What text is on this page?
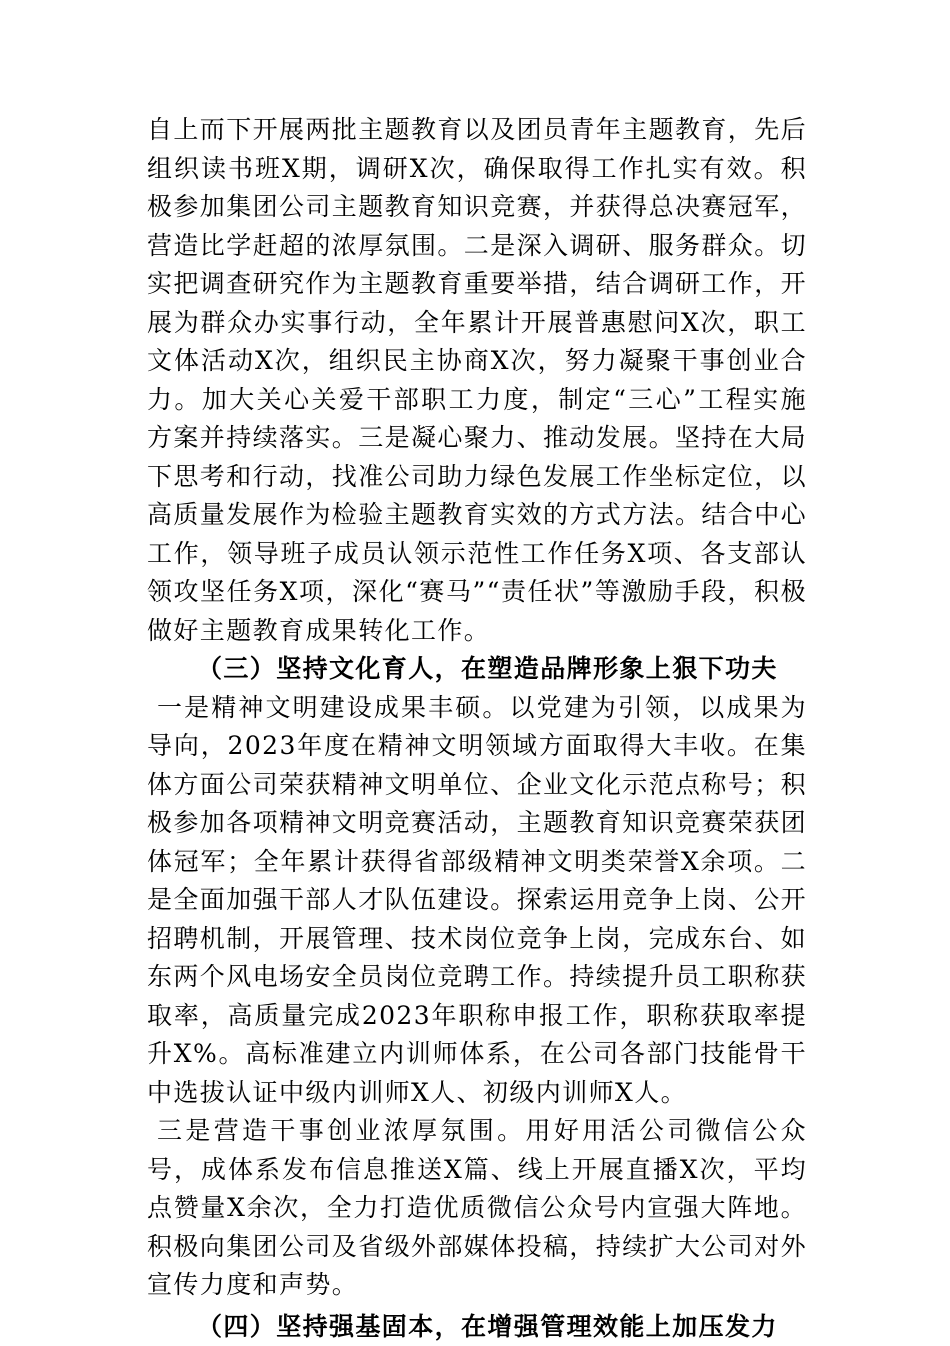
自上而下开展两批主题教育以及团员青年主题教育，先后组织读书班X期，调研X次，确保取得工作扎实有效。积极参加集团公司主题教育知识竞赛，并获得总决赛冠军，营造比学赶超的浓厚氛围。二是深入调研、服务群众。切实把调查研究作为主题教育重要举措，结合调研工作，开展为群众办实事行动，全年累计开展普惠慰问X次，职工文体活动X次，组织民主协商X次，努力凝聚干事创业合力。加大关心关爱干部职工力度，制定“三心”工程实施方案并持续落实。三是凝心聚力、推动发展。坚持在大局下思考和行动，找准公司助力绿色发展工作坐标定位，以高质量发展作为检验主题教育实效的方式方法。结合中心工作，领导班子成员认领示范性工作任务X项、各支部认领攻坚任务X项，深化“赛马”“责任状”等激励手段，积极做好主题教育成果转化工作。

（三）坚持文化育人，在塑造品牌形象上狠下功夫

一是精神文明建设成果丰硕。以党建为引领，以成果为导向，2023年度在精神文明领域方面取得大丰收。在集体方面公司荣获精神文明单位、企业文化示范点称号；积极参加各项精神文明竞赛活动，主题教育知识竞赛荣获团体冠军；全年累计获得省部级精神文明类荣誉X余项。二是全面加强干部人才队伍建设。探索运用竞争上岗、公开招聘机制，开展管理、技术岗位竞争上岗，完成东台、如东两个风电场安全员岗位竞聘工作。持续提升员工职称获取率，高质量完成2023年职称申报工作，职称获取率提升X%。高标准建立内训师体系，在公司各部门技能骨干中选拔认证中级内训师X人、初级内训师X人。

三是营造干事创业浓厚氛围。用好用活公司微信公众号，成体系发布信息推送X篇、线上开展直播X次，平均点赞量X余次，全力打造优质微信公众号内宣强大阵地。积极向集团公司及省级外部媒体投稿，持续扩大公司对外宣传力度和声势。

（四）坚持强基固本，在增强管理效能上加压发力
